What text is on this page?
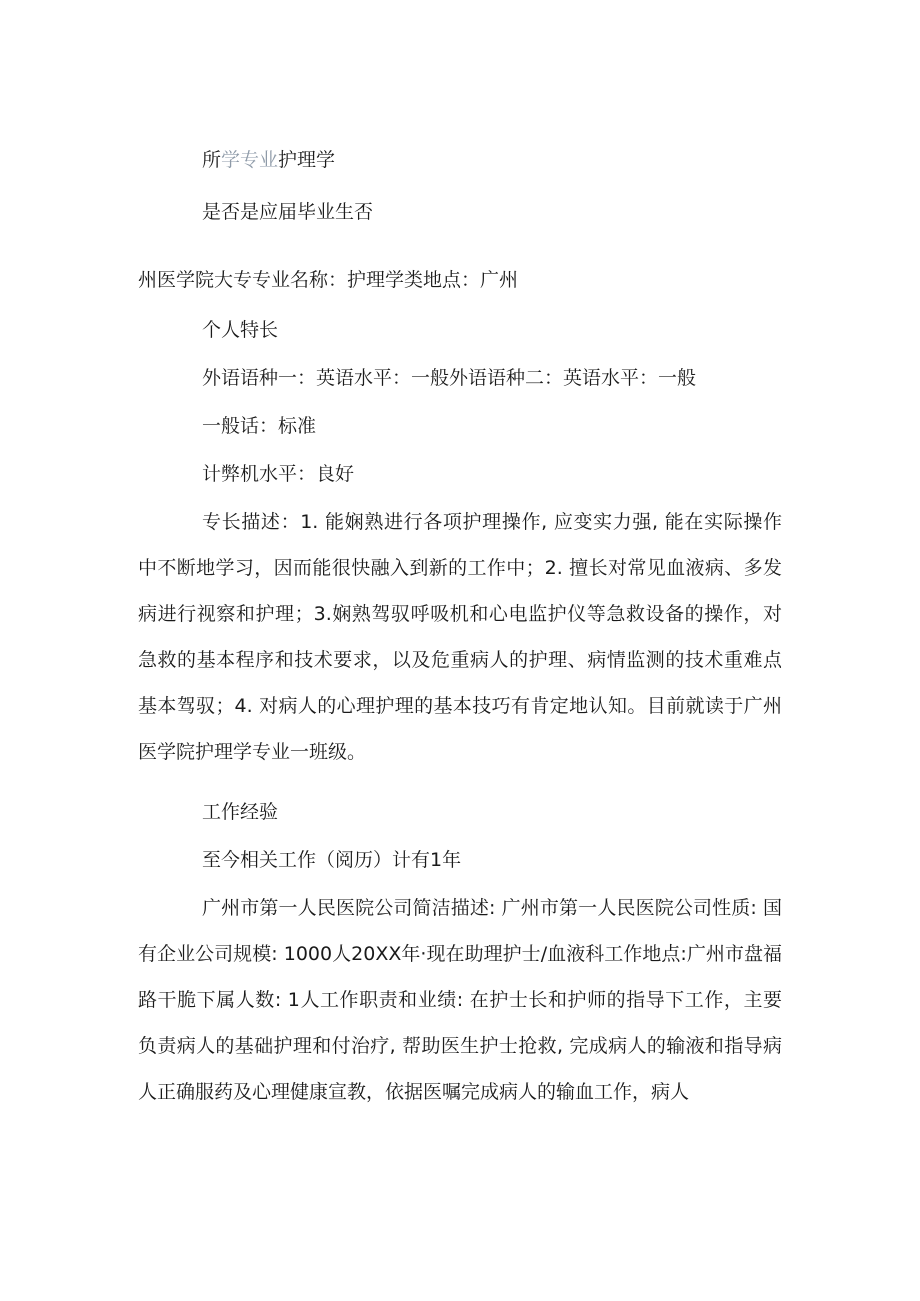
所学专业护理学
是否是应届毕业生否
州医学院大专专业名称：护理学类地点：广州
个人特长
外语语种一：英语水平：一般外语语种二：英语水平：一般
一般话：标准
计弊机水平：良好

专长描述：1. 能娴熟进行各项护理操作, 应变实力强, 能在实际操作中不断地学习，因而能很快融入到新的工作中；2. 擅长对常见血液病、多发病进行视察和护理；3.娴熟驾驭呼吸机和心电监护仪等急救设备的操作，对急救的基本程序和技术要求，以及危重病人的护理、病情监测的技术重难点基本驾驭；4. 对病人的心理护理的基本技巧有肯定地认知。目前就读于广州医学院护理学专业一班级。

工作经验
至今相关工作（阅历）计有1年

广州市第一人民医院公司简洁描述: 广州市第一人民医院公司性质: 国有企业公司规模: 1000人20XX年·现在助理护士/血液科工作地点:广州市盘福路干脆下属人数: 1人工作职责和业绩: 在护士长和护师的指导下工作，主要负责病人的基础护理和付治疗, 帮助医生护士抢救, 完成病人的输液和指导病人正确服药及心理健康宣教，依据医嘱完成病人的输血工作，病人
